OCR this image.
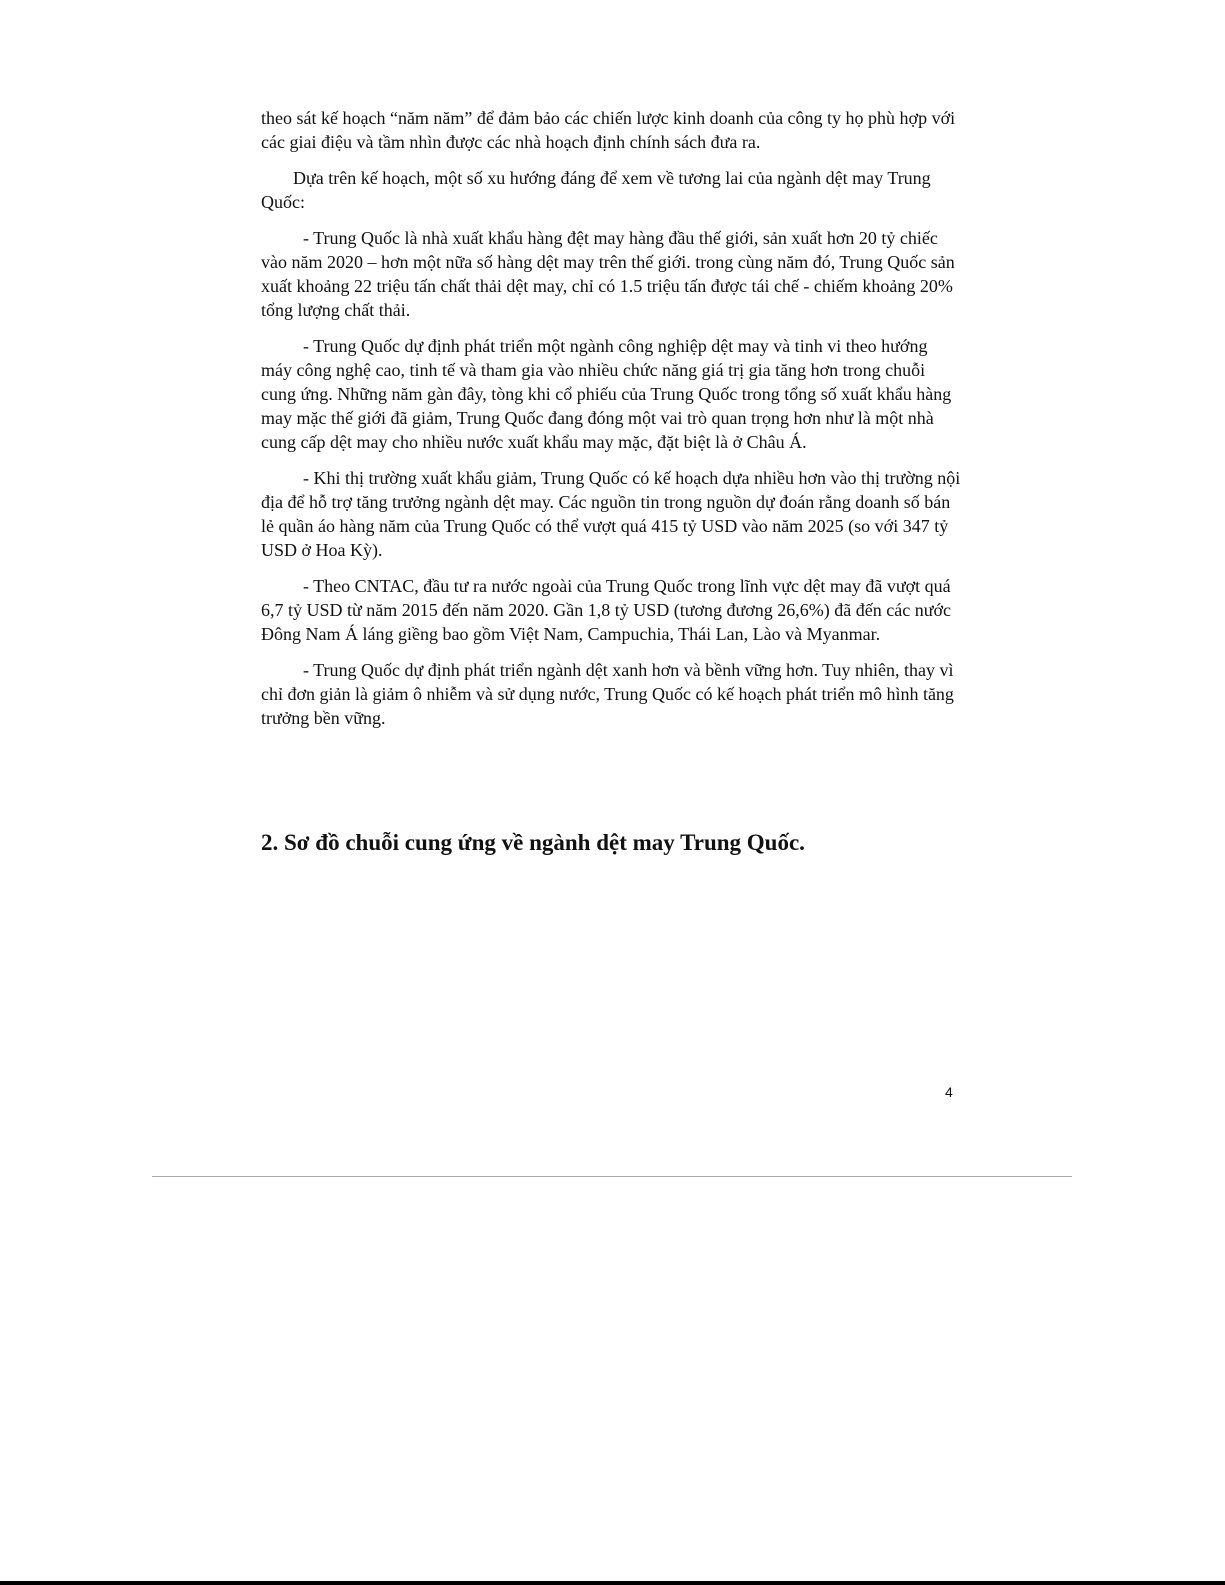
theo sát kế hoạch “năm năm” để đảm bảo các chiến lược kinh doanh của công ty họ phù hợp với các giai điệu và tầm nhìn được các nhà hoạch định chính sách đưa ra.

Dựa trên kế hoạch, một số xu hướng đáng để xem về tương lai của ngành dệt may Trung Quốc:

- Trung Quốc là nhà xuất khẩu hàng đệt may hàng đầu thế giới, sản xuất hơn 20 tỷ chiếc vào năm 2020 – hơn một nữa số hàng dệt may trên thế giới. trong cùng năm đó, Trung Quốc sản xuất khoảng 22 triệu tấn chất thải dệt may, chỉ có 1.5 triệu tấn được tái chế - chiếm khoảng 20% tổng lượng chất thải.

- Trung Quốc dự định phát triển một ngành công nghiệp dệt may và tinh vi theo hướng máy công nghệ cao, tinh tế và tham gia vào nhiều chức năng giá trị gia tăng hơn trong chuỗi cung ứng. Những năm gàn đây, tòng khi cổ phiếu của Trung Quốc trong tổng số xuất khẩu hàng may mặc thế giới đã giảm, Trung Quốc đang đóng một vai trò quan trọng hơn như là một nhà cung cấp dệt may cho nhiều nước xuất khẩu may mặc, đặt biệt là ở Châu Á.

- Khi thị trường xuất khẩu giảm, Trung Quốc có kế hoạch dựa nhiều hơn vào thị trường nội địa để hỗ trợ tăng trưởng ngành dệt may. Các nguồn tin trong nguồn dự đoán rằng doanh số bán lẻ quần áo hàng năm của Trung Quốc có thể vượt quá 415 tỷ USD vào năm 2025 (so với 347 tỷ USD ở Hoa Kỳ).

- Theo CNTAC, đầu tư ra nước ngoài của Trung Quốc trong lĩnh vực dệt may đã vượt quá 6,7 tỷ USD từ năm 2015 đến năm 2020. Gần 1,8 tỷ USD (tương đương 26,6%) đã đến các nước Đông Nam Á láng giềng bao gồm Việt Nam, Campuchia, Thái Lan, Lào và Myanmar.

- Trung Quốc dự định phát triển ngành dệt xanh hơn và bềnh vững hơn. Tuy nhiên, thay vì chỉ đơn giản là giảm ô nhiễm và sử dụng nước, Trung Quốc có kế hoạch phát triển mô hình tăng trưởng bền vững.

2. Sơ đồ chuỗi cung ứng về ngành dệt may Trung Quốc.
4
